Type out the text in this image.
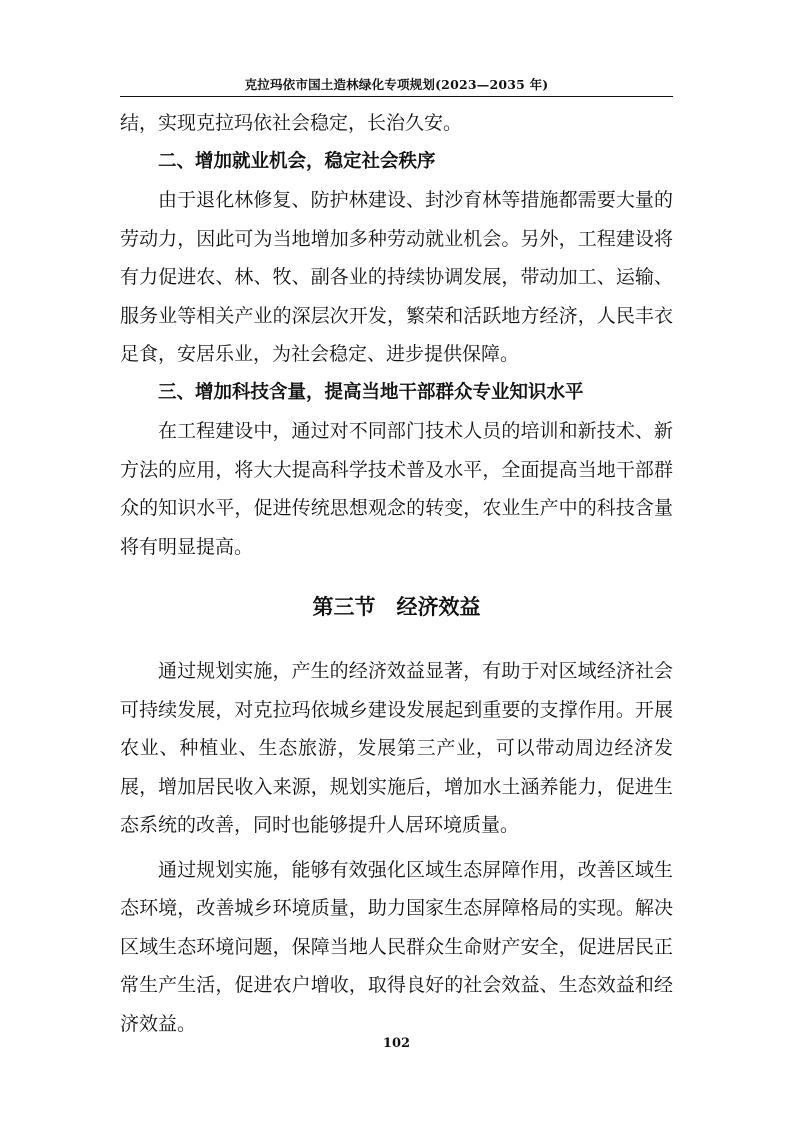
克拉玛依市国土造林绿化专项规划(2023—2035 年)

结，实现克拉玛依社会稳定，长治久安。

二、增加就业机会，稳定社会秩序

由于退化林修复、防护林建设、封沙育林等措施都需要大量的劳动力，因此可为当地增加多种劳动就业机会。另外，工程建设将有力促进农、林、牧、副各业的持续协调发展，带动加工、运输、服务业等相关产业的深层次开发，繁荣和活跃地方经济，人民丰衣足食，安居乐业，为社会稳定、进步提供保障。

三、增加科技含量，提高当地干部群众专业知识水平

在工程建设中，通过对不同部门技术人员的培训和新技术、新方法的应用，将大大提高科学技术普及水平，全面提高当地干部群众的知识水平，促进传统思想观念的转变，农业生产中的科技含量将有明显提高。

第三节　经济效益

通过规划实施，产生的经济效益显著，有助于对区域经济社会可持续发展，对克拉玛依城乡建设发展起到重要的支撑作用。开展农业、种植业、生态旅游，发展第三产业，可以带动周边经济发展，增加居民收入来源，规划实施后，增加水土涵养能力，促进生态系统的改善，同时也能够提升人居环境质量。

通过规划实施，能够有效强化区域生态屏障作用，改善区域生态环境，改善城乡环境质量，助力国家生态屏障格局的实现。解决区域生态环境问题，保障当地人民群众生命财产安全，促进居民正常生产生活，促进农户增收，取得良好的社会效益、生态效益和经济效益。

102
